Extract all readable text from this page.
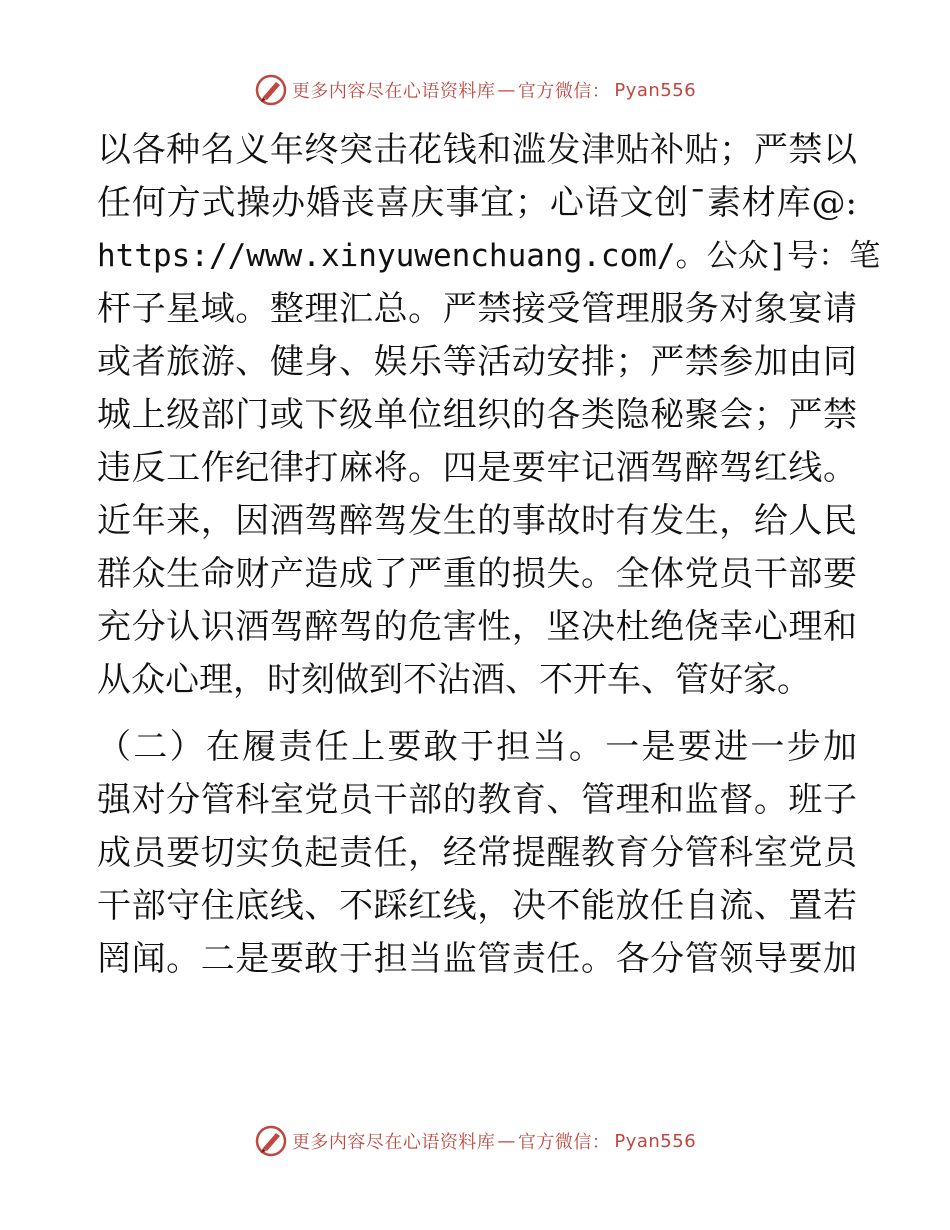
更多内容尽在心语资料库 — 官方微信： Pyan556
以各种名义年终突击花钱和滥发津贴补贴；严禁以
任何方式操办婚丧喜庆事宜；心语文创¯素材库@:
https://www.xinyuwenchuang.com/。公众]号：笔
杆子星域。整理汇总。严禁接受管理服务对象宴请
或者旅游、健身、娱乐等活动安排；严禁参加由同
城上级部门或下级单位组织的各类隐秘聚会；严禁
违反工作纪律打麻将。四是要牢记酒驾醉驾红线。
近年来，因酒驾醉驾发生的事故时有发生，给人民
群众生命财产造成了严重的损失。全体党员干部要
充分认识酒驾醉驾的危害性，坚决杜绝侥幸心理和
从众心理，时刻做到不沾酒、不开车、管好家。
（二）在履责任上要敢于担当。一是要进一步加
强对分管科室党员干部的教育、管理和监督。班子
成员要切实负起责任，经常提醒教育分管科室党员
干部守住底线、不踩红线，决不能放任自流、置若
罔闻。二是要敢于担当监管责任。各分管领导要加
更多内容尽在心语资料库 — 官方微信： Pyan556
